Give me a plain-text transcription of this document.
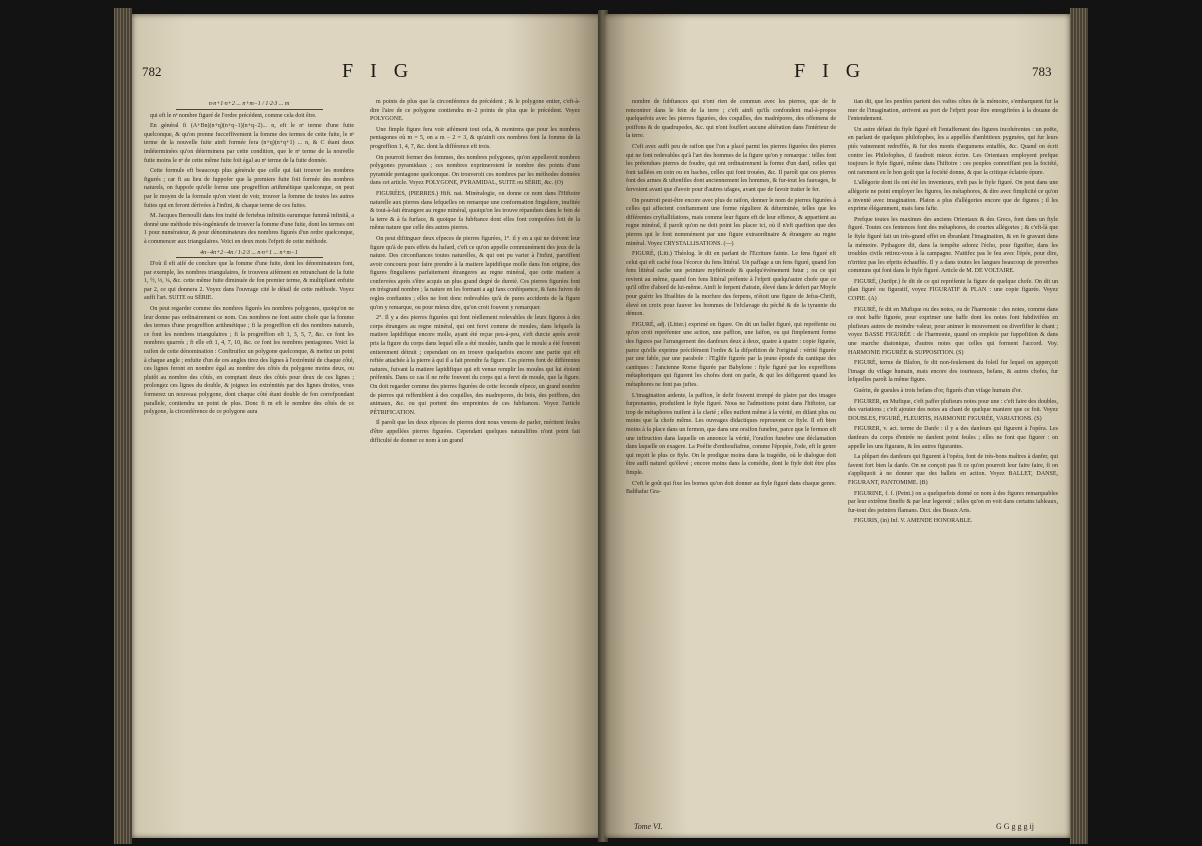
782	F I G
n·n+1·n+2 ... n+m−1 / 1·2·3 ... m

qui eft le nᵉ nombre figuré de l'ordre précédent, comme cela doit être.

En général fi (A+Bn)(n+q)(n+q−1)(n+q−2)... n, eft le nᵉ terme d'une fuite quelconque, & qu'on prenne fucceffivement la fomme des termes de cette fuite, le nᵉ terme de la nouvelle fuite ainfi formée fera (n+q)(n+q+1) ... n, & C étant deux indéterminées qu'on déterminera par cette condition, que le nᵉ terme de la nouvelle fuite moins le nᵉ de cette même fuite foit égal au nᵉ terme de la fuite donnée.

Cette formule eft beaucoup plus générale que celle qui fait trouver les nombres figurés ; car fi au lieu de fuppofer que la premiere fuite foit formée des nombres naturels, on fuppofe qu'elle forme une progreffion arithmétique quelconque, on peut par le moyen de la formule qu'on vient de voir, trouver la fomme de toutes les autres fuites qui en feront dérivées à l'infini, & chaque terme de ces fuites.

M. Jacques Bernoulli dans fon traité de feriebus infinitis earumque fummâ infinitâ, a donné une méthode très-ingénieufe de trouver la fomme d'une fuite, dont les termes ont 1 pour numérateur, & pour dénominateurs des nombres figurés d'un ordre quelconque, à commencer aux triangulaires. Voici en deux mots l'efprit de cette méthode.

4n−4n+2−4n / 1·2·3 ... n·n+1 ... n+m−1

D'où il eft aifé de conclure que la fomme d'une fuite, dont les dénominateurs font, par exemple, les nombres triangulaires, fe trouvera aifément en retranchant de la fuite 1, ½, ⅓, ¼, &c. cette même fuite diminuée de fon premier terme, & multipliant enfuite par 2, ce qui donnera 2. Voyez dans l'ouvrage cité le détail de cette méthode. Voyez auffi l'art. SUITE ou SÉRIE.

On peut regarder comme des nombres figurés les nombres polygones, quoiqu'on ne leur donne pas ordinairement ce nom. Ces nombres ne font autre chofe que la fomme des termes d'une progreffion arithmétique ; fi la progreffion eft des nombres naturels, ce font les nombres triangulaires ; fi la progreffion eft 1, 3, 5, 7, &c. ce font les nombres quarrés ; fi elle eft 1, 4, 7, 10, &c. ce font les nombres pentagones. Voici la raifon de cette dénomination : Conftruifez un polygone quelconque, & mettez un point à chaque angle ; enfuite d'un de ces angles tirez des lignes à l'extrémité de chaque côté, ces lignes feront en nombre égal au nombre des côtés du polygone moins deux, ou plutôt au nombre des côtés, en comptant deux des côtés pour deux de ces lignes ; prolongez ces lignes du double, & joignez les extrémités par des lignes droites, vous formerez un nouveau polygone, dont chaque côté étant double de fon correfpondant parallele, contiendra un point de plus. Donc fi m eft le nombre des côtés de ce polygone, la circonférence de ce polygone aura

m points de plus que la circonférence du précédent ; & le polygone entier, c'eft-à-dire l'aire de ce polygone contiendra m−2 points de plus que le précédent. Voyez POLYGONE.

Une fimple figure fera voir aifément tout cela, & montrera que pour les nombres pentagones où m = 5, on a m − 2 = 3, & qu'ainfi ces nombres font la fomme de la progreffion 1, 4, 7, &c. dont la différence eft trois.

On pourroit former des fommes, des nombres polygones, qu'on appelleroit nombres polygones pyramidaux ; ces nombres exprimeroient le nombre des points d'une pyramide pentagone quelconque. On trouveroit ces nombres par les méthodes données dans cet article. Voyez POLYGONE, PYRAMIDAL, SUITE ou SÉRIE, &c. (O)

FIGURÉES, (PIERRES.) Hift. nat. Minéralogie, on donne ce nom dans l'Hiftoire naturelle aux pierres dans lefquelles on remarque une conformation finguliere, inufitée & tout-à-fait étrangere au regne minéral, quoiqu'on les trouve répandues dans le fein de la terre & à fa furface, & quoique fa fubftance dont elles font compofées foit de la même nature que celle des autres pierres.

On peut diftinguer deux efpeces de pierres figurées, 1°. il y en a qui ne doivent leur figure qu'à de purs effets du hafard, c'eft ce qu'on appelle communément des jeux de la nature. Des circonftances toutes naturelles, & qui ont pu varier à l'infini, paroiffent avoir concouru pour faire prendre à la matiere lapidifique molle dans fon origine, des figures fingulieres parfaitement étrangeres au regne minéral, que cette matiere a confervées après s'être acquis un plus grand degré de dureté. Ces pierres figurées font en trèsgrand nombre ; la nature en les formant a agi fans conféquence, & fans fuivre de regles conftantes ; elles ne font donc redevables qu'à de pures accidents de la figure qu'on y remarque, ou pour mieux dire, qu'on croit fouvent y remarquer.

2°. Il y a des pierres figurées qui font réellement redevables de leurs figures à des corps étrangers au regne minéral, qui ont fervi comme de moules, dans lefquels la matiere lapidifique encore molle, ayant été reçue peu-à-peu, s'eft durcie après avoir pris la figure du corps dans lequel elle a été moulée, tandis que le moule a été fouvent entierement détruit ; cependant on en trouve quelquefois encore une partie qui eft reftée attachée à la pierre à qui il a fait prendre fa figure. Ces pierres font de différentes natures, fuivant la matiere lapidifique qui eft venue remplir les moules qui lui étoient préfentés. Dans ce cas il ne refte fouvent du corps qui a fervi de moule, que la figure. On doit regarder comme des pierres figurées de cette feconde efpece, un grand nombre de pierres qui reffemblent à des coquilles, des madrepores, du bois, des poiffons, des animaux, &c. ou qui portent des empreintes de ces fubftances. Voyez l'article PÉTRIFICATION.

Il paroît que les deux efpeces de pierres dont nous venons de parler, méritent feules d'être appellées pierres figurées. Cependant quelques naturaliftes n'ont point fait difficulté de donner ce nom à un grand

F I G	783

nombre de fubftances qui n'ont rien de commun avec les pierres, que de fe rencontrer dans le fein de la terre ; c'eft ainfi qu'ils confondent mal-à-propos quelquefois avec les pierres figurées, des coquilles, des madrépores, des offemens de poiffons & de quadrupedes, &c. qui n'ont fouffert aucune altération dans l'intérieur de la terre.

C'eft avec auffi peu de raifon que l'on a placé parmi les pierres figurées des pierres qui ne font redevables qu'à l'art des hommes de la figure qu'on y remarque : telles font les prétendues pierres de foudre, qui ont ordinairement la forme d'un dard, celles qui font taillées en coin ou en haches, celles qui font trouées, &c. Il paroît que ces pierres font des armes & uftenfiles dont anciennement les hommes, & fur-tout les fauvages, fe fervoient avant que d'avoir pour d'autres ufages, avant que de favoir traiter le fer.

On pourroit peut-être encore avec plus de raifon, donner le nom de pierres figurées à celles qui affectent conftamment une forme réguliere & déterminée, telles que les différentes cryftallifations, mais comme leur figure eft de leur effence, & appartient au regne minéral, il paroît qu'on ne doit point les placer ici, où il n'eft queftion que des pierres qui le font nommément par une figure extraordinaire & étrangere au regne minéral. Voyez CRYSTALLISATIONS. (—)

FIGURÉ, (Litt.) Théolog. le dit en parlant de l'Ecriture fainte. Le fens figuré eft celui qui eft caché fous l'écorce du fens littéral. Un paffage a un fens figuré, quand fon fens littéral cache une peinture myftérieufe & quelqu'événement futur ; ou ce qui revient au même, quand fon fens littéral préfente à l'efprit quelqu'autre chofe que ce qu'il offre d'abord de lui-même. Ainfi le ferpent d'airain, élevé dans le defert par Moyfe pour guérir les Ifraélites de la morfure des ferpens, n'étoit une figure de Jefus-Chrift, élevé en croix pour fauver les hommes de l'efclavage du péché & de la tyrannie du démon.

FIGURÉ, adj. (Litter.) exprimé en figure. On dit un ballet figuré, qui repréfente ou qu'on croit repréfenter une action, une paffion, une faifon, ou qui fimplement forme des figures par l'arrangement des danfeurs deux à deux, quatre à quatre : copie figurée, parce qu'elle exprime précifément l'ordre & la difpofition de l'original : vérité figurée par une fable, par une parabole : l'Eglife figurée par la jeune époufe du cantique des cantiques : l'ancienne Rome figurée par Babylone : ftyle figuré par les expreffions métaphoriques qui figurent les chofes dont on parle, & qui les défigurent quand les métaphores ne font pas juftes.

L'imagination ardente, la paffion, le defir fouvent trompé de plaire par des images furprenantes, produifent le ftyle figuré. Nous ne l'admettons point dans l'hiftoire, car trop de métaphores nuifent à la clarté ; elles nuifent même à la vérité, en difant plus ou moins que la chofe même. Les ouvrages didactiques reprouvent ce ftyle. Il eft bien moins à fa place dans un fermon, que dans une oraifon funebre, parce que le fermon eft une inftruction dans laquelle on annonce la vérité, l'oraifon funebre une déclamation dans laquelle on exagere. La Poéfie d'enthoufiafme, comme l'épopée, l'ode, eft le genre qui reçoit le plus ce ftyle. On le prodigue moins dans la tragédie, où le dialogue doit être auffi naturel qu'élevé ; encore moins dans la comédie, dont le ftyle doit être plus fimple.

C'eft le goût qui fixe les bornes qu'on doit donner au ftyle figuré dans chaque genre. Balthafar Gra-

tian dit, que les penfées partent des vaftes côtes de la mémoire, s'embarquent fur la mer de l'imagination, arrivent au port de l'efprit pour être enregiftrées à la douane de l'entendement.

Un autre défaut du ftyle figuré eft l'entaffement des figures incohérentes : un poëte, en parlant de quelques philofophes, les a appellés d'ambitieux pygmées, qui fur leurs piés vainement redreffés, & fur des monts d'argumens entaffés, &c. Quand on écrit contre les Philofophes, il faudroit mieux écrire. Les Orientaux employent prefque toujours le ftyle figuré, même dans l'hiftoire : ces peuples connoiffant peu la fociété, ont rarement eu le bon goût que la fociété donne, & que la critique éclairée épure.

L'allégorie dont ils ont été les inventeurs, n'eft pas le ftyle figuré. On peut dans une allégorie ne point employer les figures, les métaphores, & dire avec fimplicité ce qu'on a inventé avec imagination. Platon a plus d'allégories encore que de figures ; il les exprime élégamment, mais fans fafte.

Prefque toutes les maximes des anciens Orientaux & des Grecs, font dans un ftyle figuré. Toutes ces fentences font des métaphores, de courtes allégories ; & c'eft-là que le ftyle figuré fait un très-grand effet en ébranlant l'imagination, & en fe gravant dans la mémoire. Pythagore dit, dans la tempête adorez l'écho, pour fignifier, dans les troubles civils retirez-vous à la campagne. N'attifez pas le feu avec l'épée, pour dire, n'irritez pas les efprits échauffés. Il y a dans toutes les langues beaucoup de proverbes communs qui font dans le ftyle figuré. Article de M. DE VOLTAIRE.

FIGURÉ, (Jurifpr.) fe dit de ce qui repréfente la figure de quelque chofe. On dit un plan figuré ou figuratif, voyez FIGURATIF & PLAN : une copie figurée. Voyez COPIE. (A)

FIGURÉ, fe dit en Mufique ou des notes, ou de l'harmonie : des notes, comme dans ce mot baffe figurée, pour exprimer une baffe dont les notes font fubdivifées en plufieurs autres de moindre valeur, pour animer le mouvement ou diverfifier le chant ; voyez BASSE FIGURÉE : de l'harmonie, quand on emploie par fuppofition & dans une marche diatonique, d'autres notes que celles qui forment l'accord. Voy. HARMONIE FIGURÉE & SUPPOSITION. (S)

FIGURÉ, terme de Blafon, fe dit non-feulement du foleil fur lequel on apperçoit l'image du vifage humain, mais encore des tourteaux, befans, & autres chofes, fur lefquelles paroît la même figure.

Guérin, de gueules à trois befans d'or, figurés d'un vifage humain d'or.

FIGURER, en Mufique, c'eft paffer plufieurs notes pour une : c'eft faire des doubles, des variations ; c'eft ajouter des notes au chant de quelque maniere que ce foit. Voyez DOUBLES, FIGURÉ, FLEURTIS, HARMONIE FIGURÉE, VARIATIONS. (S)

FIGURER, v. act. terme de Danfe : il y a des danfeurs qui figurent à l'opéra. Les danfeurs du corps d'entrée ne danfent point feules ; elles ne font que figurer : on appelle les uns figurans, & les autres figurantes.

La plûpart des danfeurs qui figurent à l'opéra, font de très-bons maîtres à danfer, qui favent fort bien la danfe. On ne conçoit pas fi ce qu'on pourroit leur faire faire, fi on s'appliquoit à ne donner que des ballets en action. Voyez BALLET, DANSE, FIGURANT, PANTOMIME. (B)

FIGURINE, f. f. (Peint.) on a quelquefois donné ce nom à des figures remarquables par leur extrême fineffe & par leur legereté ; telles qu'on en voit dans certains tableaux, fur-tout des peintres flamans. Dict. des Beaux Arts.

FIGURIS, (in) Inf. V. AMENDE HONORABLE.

Tome VI.	G G g g g ij
